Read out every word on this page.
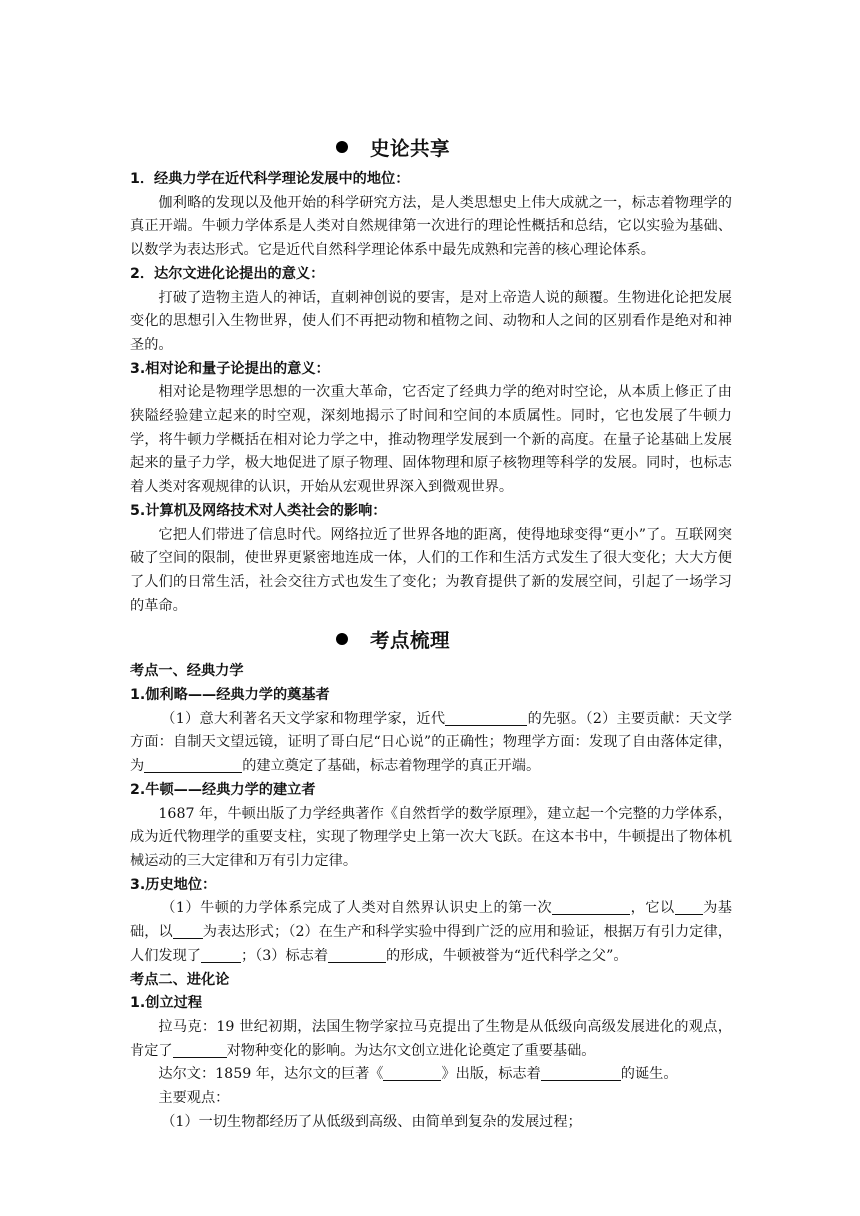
史论共享
1．经典力学在近代科学理论发展中的地位：
伽利略的发现以及他开始的科学研究方法，是人类思想史上伟大成就之一，标志着物理学的真正开端。牛顿力学体系是人类对自然规律第一次进行的理论性概括和总结，它以实验为基础、以数学为表达形式。它是近代自然科学理论体系中最先成熟和完善的核心理论体系。
2．达尔文进化论提出的意义：
打破了造物主造人的神话，直刺神创说的要害，是对上帝造人说的颠覆。生物进化论把发展变化的思想引入生物世界，使人们不再把动物和植物之间、动物和人之间的区别看作是绝对和神圣的。
3.相对论和量子论提出的意义：
相对论是物理学思想的一次重大革命，它否定了经典力学的绝对时空论，从本质上修正了由狭隘经验建立起来的时空观，深刻地揭示了时间和空间的本质属性。同时，它也发展了牛顿力学，将牛顿力学概括在相对论力学之中，推动物理学发展到一个新的高度。在量子论基础上发展起来的量子力学，极大地促进了原子物理、固体物理和原子核物理等科学的发展。同时，也标志着人类对客观规律的认识，开始从宏观世界深入到微观世界。
5.计算机及网络技术对人类社会的影响：
它把人们带进了信息时代。网络拉近了世界各地的距离，使得地球变得“更小”了。互联网突破了空间的限制，使世界更紧密地连成一体，人们的工作和生活方式发生了很大变化；大大方便了人们的日常生活，社会交往方式也发生了变化；为教育提供了新的发展空间，引起了一场学习的革命。
考点梳理
考点一、经典力学
1.伽利略——经典力学的奠基者
（1）意大利著名天文学家和物理学家，近代	的先驱。（2）主要贡献：天文学方面：自制天文望远镜，证明了哥白尼“日心说”的正确性；物理学方面：发现了自由落体定律，为	的建立奠定了基础，标志着物理学的真正开端。
2.牛顿——经典力学的建立者
1687 年，牛顿出版了力学经典著作《自然哲学的数学原理》，建立起一个完整的力学体系，成为近代物理学的重要支柱，实现了物理学史上第一次大飞跃。在这本书中，牛顿提出了物体机械运动的三大定律和万有引力定律。
3.历史地位：
（1）牛顿的力学体系完成了人类对自然界认识史上的第一次	，它以 为基础，以 为表达形式；（2）在生产和科学实验中得到广泛的应用和验证，根据万有引力定律，人们发现了	；（3）标志着	的形成，牛顿被誉为“近代科学之父”。
考点二、进化论
1.创立过程
拉马克：19 世纪初期，法国生物学家拉马克提出了生物是从低级向高级发展进化的观点，肯定了	对物种变化的影响。为达尔文创立进化论奠定了重要基础。
达尔文：1859 年，达尔文的巨著《	》出版，标志着	的诞生。
主要观点：
（1）一切生物都经历了从低级到高级、由简单到复杂的发展过程；
